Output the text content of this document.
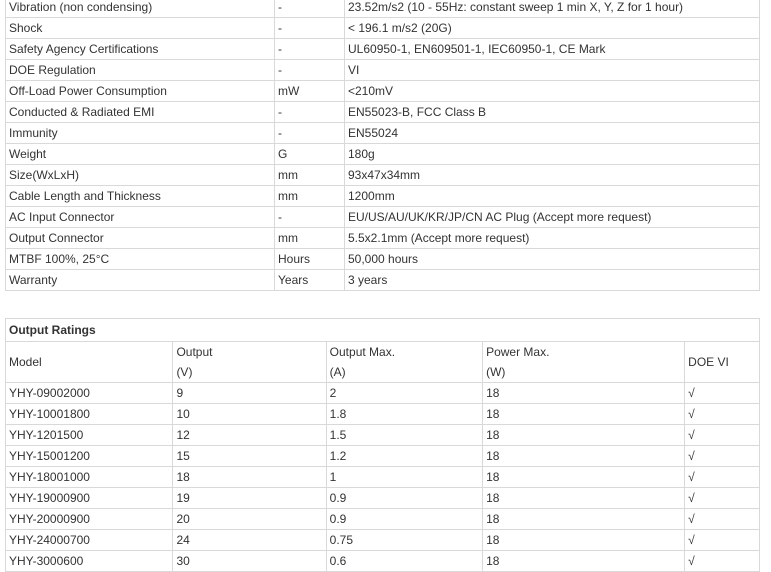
Vibration (non condensing)	-	23.52m/s2 (10 - 55Hz: constant sweep 1 min X, Y, Z for 1 hour)
Shock	-	< 196.1 m/s2 (20G)
Safety Agency Certifications	-	UL60950-1, EN609501-1, IEC60950-1, CE Mark
DOE Regulation	-	VI
Off-Load Power Consumption	mW	<210mV
Conducted & Radiated EMI	-	EN55023-B, FCC Class B
Immunity	-	EN55024
Weight	G	180g
Size(WxLxH)	mm	93x47x34mm
Cable Length and Thickness	mm	1200mm
AC Input Connector	-	EU/US/AU/UK/KR/JP/CN AC Plug (Accept more request)
Output Connector	mm	5.5x2.1mm (Accept more request)
MTBF 100%, 25°C	Hours	50,000 hours
Warranty	Years	3 years
Output Ratings				
Model	Output	Output Max.	Power Max.	DOE VI
	(V)	(A)	(W)	
YHY-09002000	9	2	18	√
YHY-10001800	10	1.8	18	√
YHY-1201500	12	1.5	18	√
YHY-15001200	15	1.2	18	√
YHY-18001000	18	1	18	√
YHY-19000900	19	0.9	18	√
YHY-20000900	20	0.9	18	√
YHY-24000700	24	0.75	18	√
YHY-3000600	30	0.6	18	√
